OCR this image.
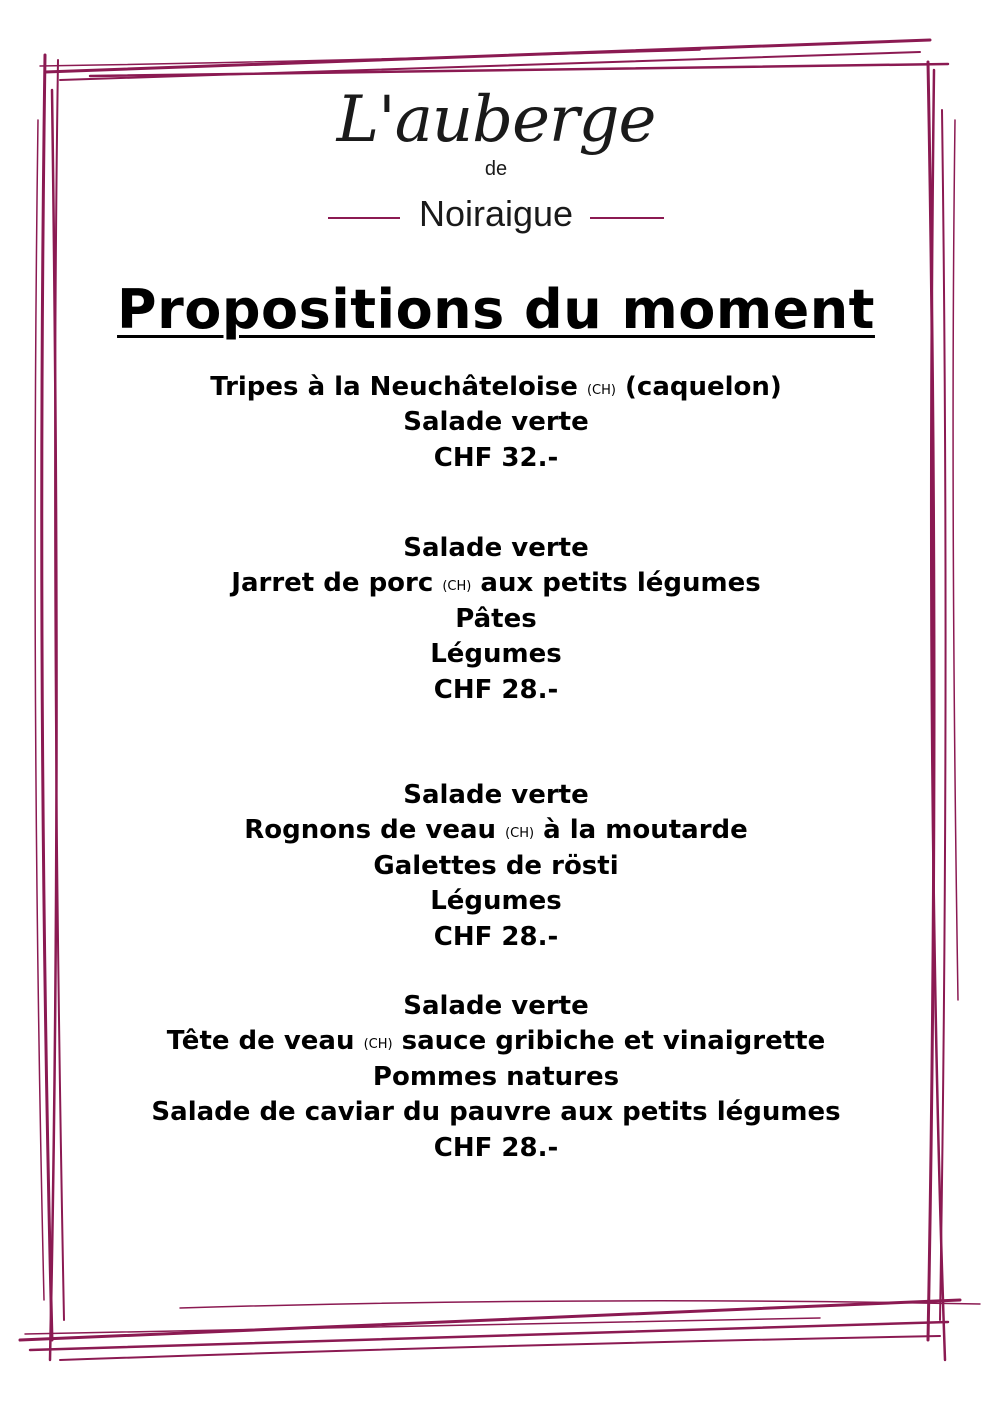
L'auberge
de
Noiraigue
Propositions du moment
Tripes à la Neuchâteloise (CH) (caquelon)
Salade verte
CHF 32.-
Salade verte
Jarret de porc (CH) aux petits légumes
Pâtes
Légumes
CHF 28.-
Salade verte
Rognons de veau (CH) à la moutarde
Galettes de rösti
Légumes
CHF 28.-
Salade verte
Tête de veau (CH) sauce gribiche et vinaigrette
Pommes natures
Salade de caviar du pauvre aux petits légumes
CHF 28.-
